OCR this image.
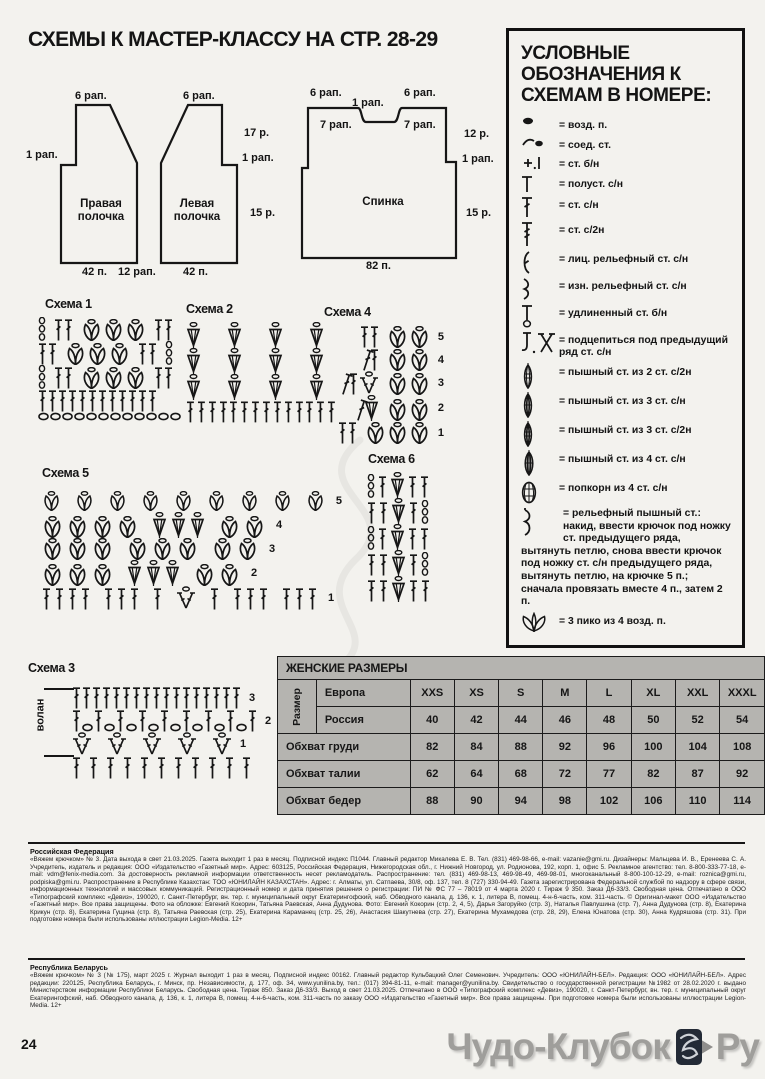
СХЕМЫ К МАСТЕР-КЛАССУ НА СТР. 28-29
6 рап.
1 рап.
Правая полочка
42 п. 12 рап.
6 рап.
17 р.
1 рап.
15 р.
Левая полочка
42 п.
6 рап.
1 рап.
6 рап.
7 рап.	7 рап.
12 р.
1 рап.
15 р.
Спинка
82 п.
УСЛОВНЫЕ ОБОЗНАЧЕНИЯ К СХЕМАМ В НОМЕРЕ:
= возд. п.
= соед. ст.
= ст. б/н
= полуст. с/н
= ст. с/н
= ст. с/2н
= лиц. рельефный ст. с/н
= изн. рельефный ст. с/н
= удлиненный ст. б/н
= подцепиться под предыдущий ряд ст. с/н
= пышный ст. из 2 ст. с/2н
= пышный ст. из 3 ст. с/н
= пышный ст. из 3 ст. с/2н
= пышный ст. из 4 ст. с/н
= попкорн из 4 ст. с/н
= рельефный пышный ст.: накид, ввести крючок под ножку ст. предыдущего ряда, вытянуть петлю, снова ввести крючок под ножку ст. с/н предыдущего ряда, вытянуть петлю, на крючке 5 п.; сначала провязать вместе 4 п., затем 2 п.
= 3 пико из 4 возд. п.
Схема 1	Схема 2	Схема 4
5
4
3
2
1
Схема 5
5
4
3
2
1
Схема 6
Схема 3
волан
3
2
1
ЖЕНСКИЕ РАЗМЕРЫ									
Размер	Европа	XXS	XS	S	M	L	XL	XXL	XXXL
	Россия	40	42	44	46	48	50	52	54
Обхват груди		82	84	88	92	96	100	104	108
Обхват талии		62	64	68	72	77	82	87	92
Обхват бедер		88	90	94	98	102	106	110	114
Российская Федерация
«Вяжем крючком» № 3. Дата выхода в свет 21.03.2025. Газета выходит 1 раз в месяц. Подписной индекс П1044. Главный редактор Микалева Е. В. Тел. (831) 469-98-66, e-mail: vazanie@gmi.ru. Дизайнеры: Мальцева И. В., Еренеева С. А. Учредитель, издатель и редакция: ООО «Издательство «Газетный мир». Адрес: 603125, Российская Федерация, Нижегородская обл., г. Нижний Новгород, ул. Родионова, 192, корп. 1, офис 5. Рекламное агентство: тел. 8-800-333-77-18, e-mail: vdm@fenix-media.com. За достоверность рекламной информации ответственность несет рекламодатель. Распространение: тел. (831) 469-98-13, 469-98-49, 469-98-01, многоканальный 8-800-100-12-29, e-mail: roznica@gmi.ru, podpiska@gmi.ru. Распространение в Республике Казахстан: ТОО «ЮНИЛАЙН КАЗАХСТАН». Адрес: г. Алматы, ул. Сатпаева, 30/8, оф. 137, тел. 8 (727) 330-94-49. Газета зарегистрирована Федеральной службой по надзору в сфере связи, информационных технологий и массовых коммуникаций. Регистрационный номер и дата принятия решения о регистрации: ПИ № ФС 77 – 78019 от 4 марта 2020 г. Тираж 9 350. Заказ Д6-33/3. Свободная цена. Отпечатано в ООО «Типографский комплекс «Девиз», 190020, г. Санкт-Петербург, вн. тер. г. муниципальный округ Екатерингофский, наб. Обводного канала, д. 136, к. 1, литера В, помещ. 4-н-6-часть, ком. 311-часть. © Оригинал-макет ООО «Издательство «Газетный мир». Все права защищены. Фото на обложке: Евгений Кокорин, Татьяна Раевская, Анна Дудунова. Фото: Евгений Кокорин (стр. 2, 4, 5), Дарья Загоруйко (стр. 3), Наталья Павлушина (стр. 7), Анна Дудунова (стр. 8), Екатерина Крикун (стр. 8), Екатерина Гущина (стр. 8), Татьяна Раевская (стр. 25), Екатерина Караманец (стр. 25, 26), Анастасия Шакутнева (стр. 27), Екатерина Мухамедова (стр. 28, 29), Елена Юнатова (стр. 30), Анна Кудряшова (стр. 31). При подготовке номера были использованы иллюстрации Legion-Media. 12+
Республика Беларусь
«Вяжем крючком» № 3 (№ 175), март 2025 г. Журнал выходит 1 раз в месяц. Подписной индекс 00162. Главный редактор Кульбацкий Олег Семенович. Учредитель: ООО «ЮНИЛАЙН-БЕЛ». Редакция: ООО «ЮНИЛАЙН-БЕЛ». Адрес редакции: 220125, Республика Беларусь, г. Минск, пр. Независимости, д. 177, оф. 34, www.yunilina.by, тел.: (017) 394-81-11, e-mail: manager@yunilina.by. Свидетельство о государственной регистрации №1982 от 28.02.2020 г. выдано Министерством информации Республики Беларусь. Свободная цена. Тираж 850. Заказ Д6-33/3. Выход в свет 21.03.2025. Отпечатано в ООО «Типографский комплекс «Девиз», 190020, г. Санкт-Петербург, вн. тер. г. муниципальный округ Екатерингофский, наб. Обводного канала, д. 136, к. 1, литера В, помещ. 4-н-6-часть, ком. 311-часть по заказу ООО «Издательство «Газетный мир». Все права защищены. При подготовке номера были использованы иллюстрации Legion-Media. 12+
24	Чудо-Клубок Ру
